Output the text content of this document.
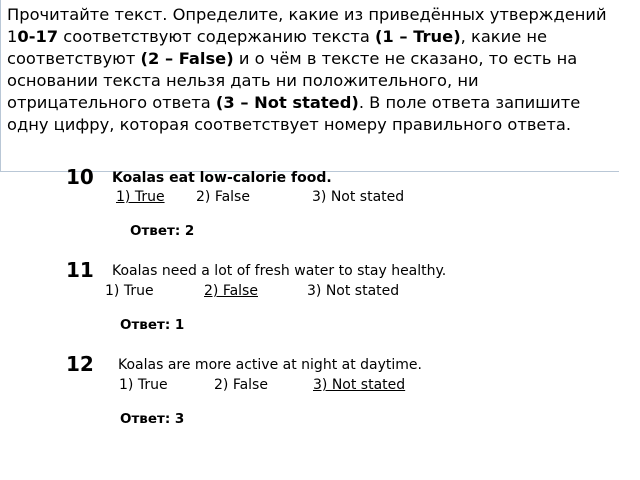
Прочитайте текст. Определите, какие из приведённых утверждений 10-17 соответствуют содержанию текста (1 – True), какие не соответствуют (2 – False) и о чём в тексте не сказано, то есть на основании текста нельзя дать ни положительного, ни отрицательного ответа (3 – Not stated). В поле ответа запишите одну цифру, которая соответствует номеру правильного ответа.

10 Koalas eat low-calorie food.
1) True 2) False	3) Not stated
Ответ: 2
11 Koalas need a lot of fresh water to stay healthy.
1) True	2) False	3) Not stated
Ответ: 1
12 Koalas are more active at night at daytime.
1) True	2) False	3) Not stated
Ответ: 3
